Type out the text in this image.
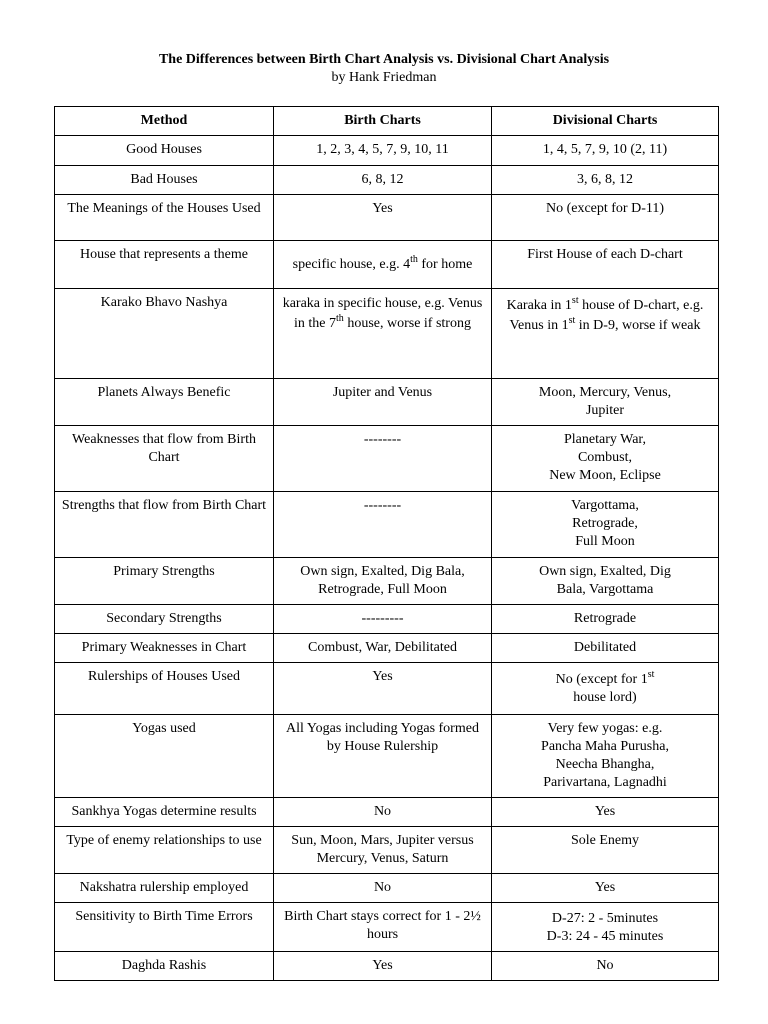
The Differences between Birth Chart Analysis vs. Divisional Chart Analysis
by Hank Friedman
Method	Birth Charts	Divisional Charts
Good Houses	1, 2, 3, 4, 5, 7, 9, 10, 11	1, 4, 5, 7, 9, 10 (2, 11)
Bad Houses	6, 8, 12	3, 6, 8, 12
The Meanings of the Houses Used	Yes	No (except for D-11)
House that represents a theme	specific house, e.g. 4th for home	First House of each D-chart
Karako Bhavo Nashya	karaka in specific house, e.g. Venus in the 7th house, worse if strong	Karaka in 1st house of D-chart, e.g. Venus in 1st in D-9, worse if weak
Planets Always Benefic	Jupiter and Venus	Moon, Mercury, Venus, Jupiter
Weaknesses that flow from Birth Chart	--------	Planetary War,
Combust,
New Moon, Eclipse

Strengths that flow from Birth Chart	--------	Vargottama,
Retrograde,
Full Moon

Primary Strengths	Own sign, Exalted, Dig Bala, Retrograde, Full Moon	Own sign, Exalted, Dig Bala, Vargottama
Secondary Strengths	---------	Retrograde
Primary Weaknesses in Chart	Combust, War, Debilitated	Debilitated
Rulerships of Houses Used	Yes	No (except for 1st house lord)
Yogas used	All Yogas including Yogas formed by House Rulership	Very few yogas: e.g.
Pancha Maha Purusha,
Neecha Bhangha,
Parivartana, Lagnadhi

Sankhya Yogas determine results	No	Yes
Type of enemy relationships to use	Sun, Moon, Mars, Jupiter versus Mercury, Venus, Saturn	Sole Enemy
Nakshatra rulership employed	No	Yes
Sensitivity to Birth Time Errors	Birth Chart stays correct for 1 - 2½ hours	D-27: 2 - 5minutes
D-3: 24 - 45 minutes

Daghda Rashis	Yes	No
